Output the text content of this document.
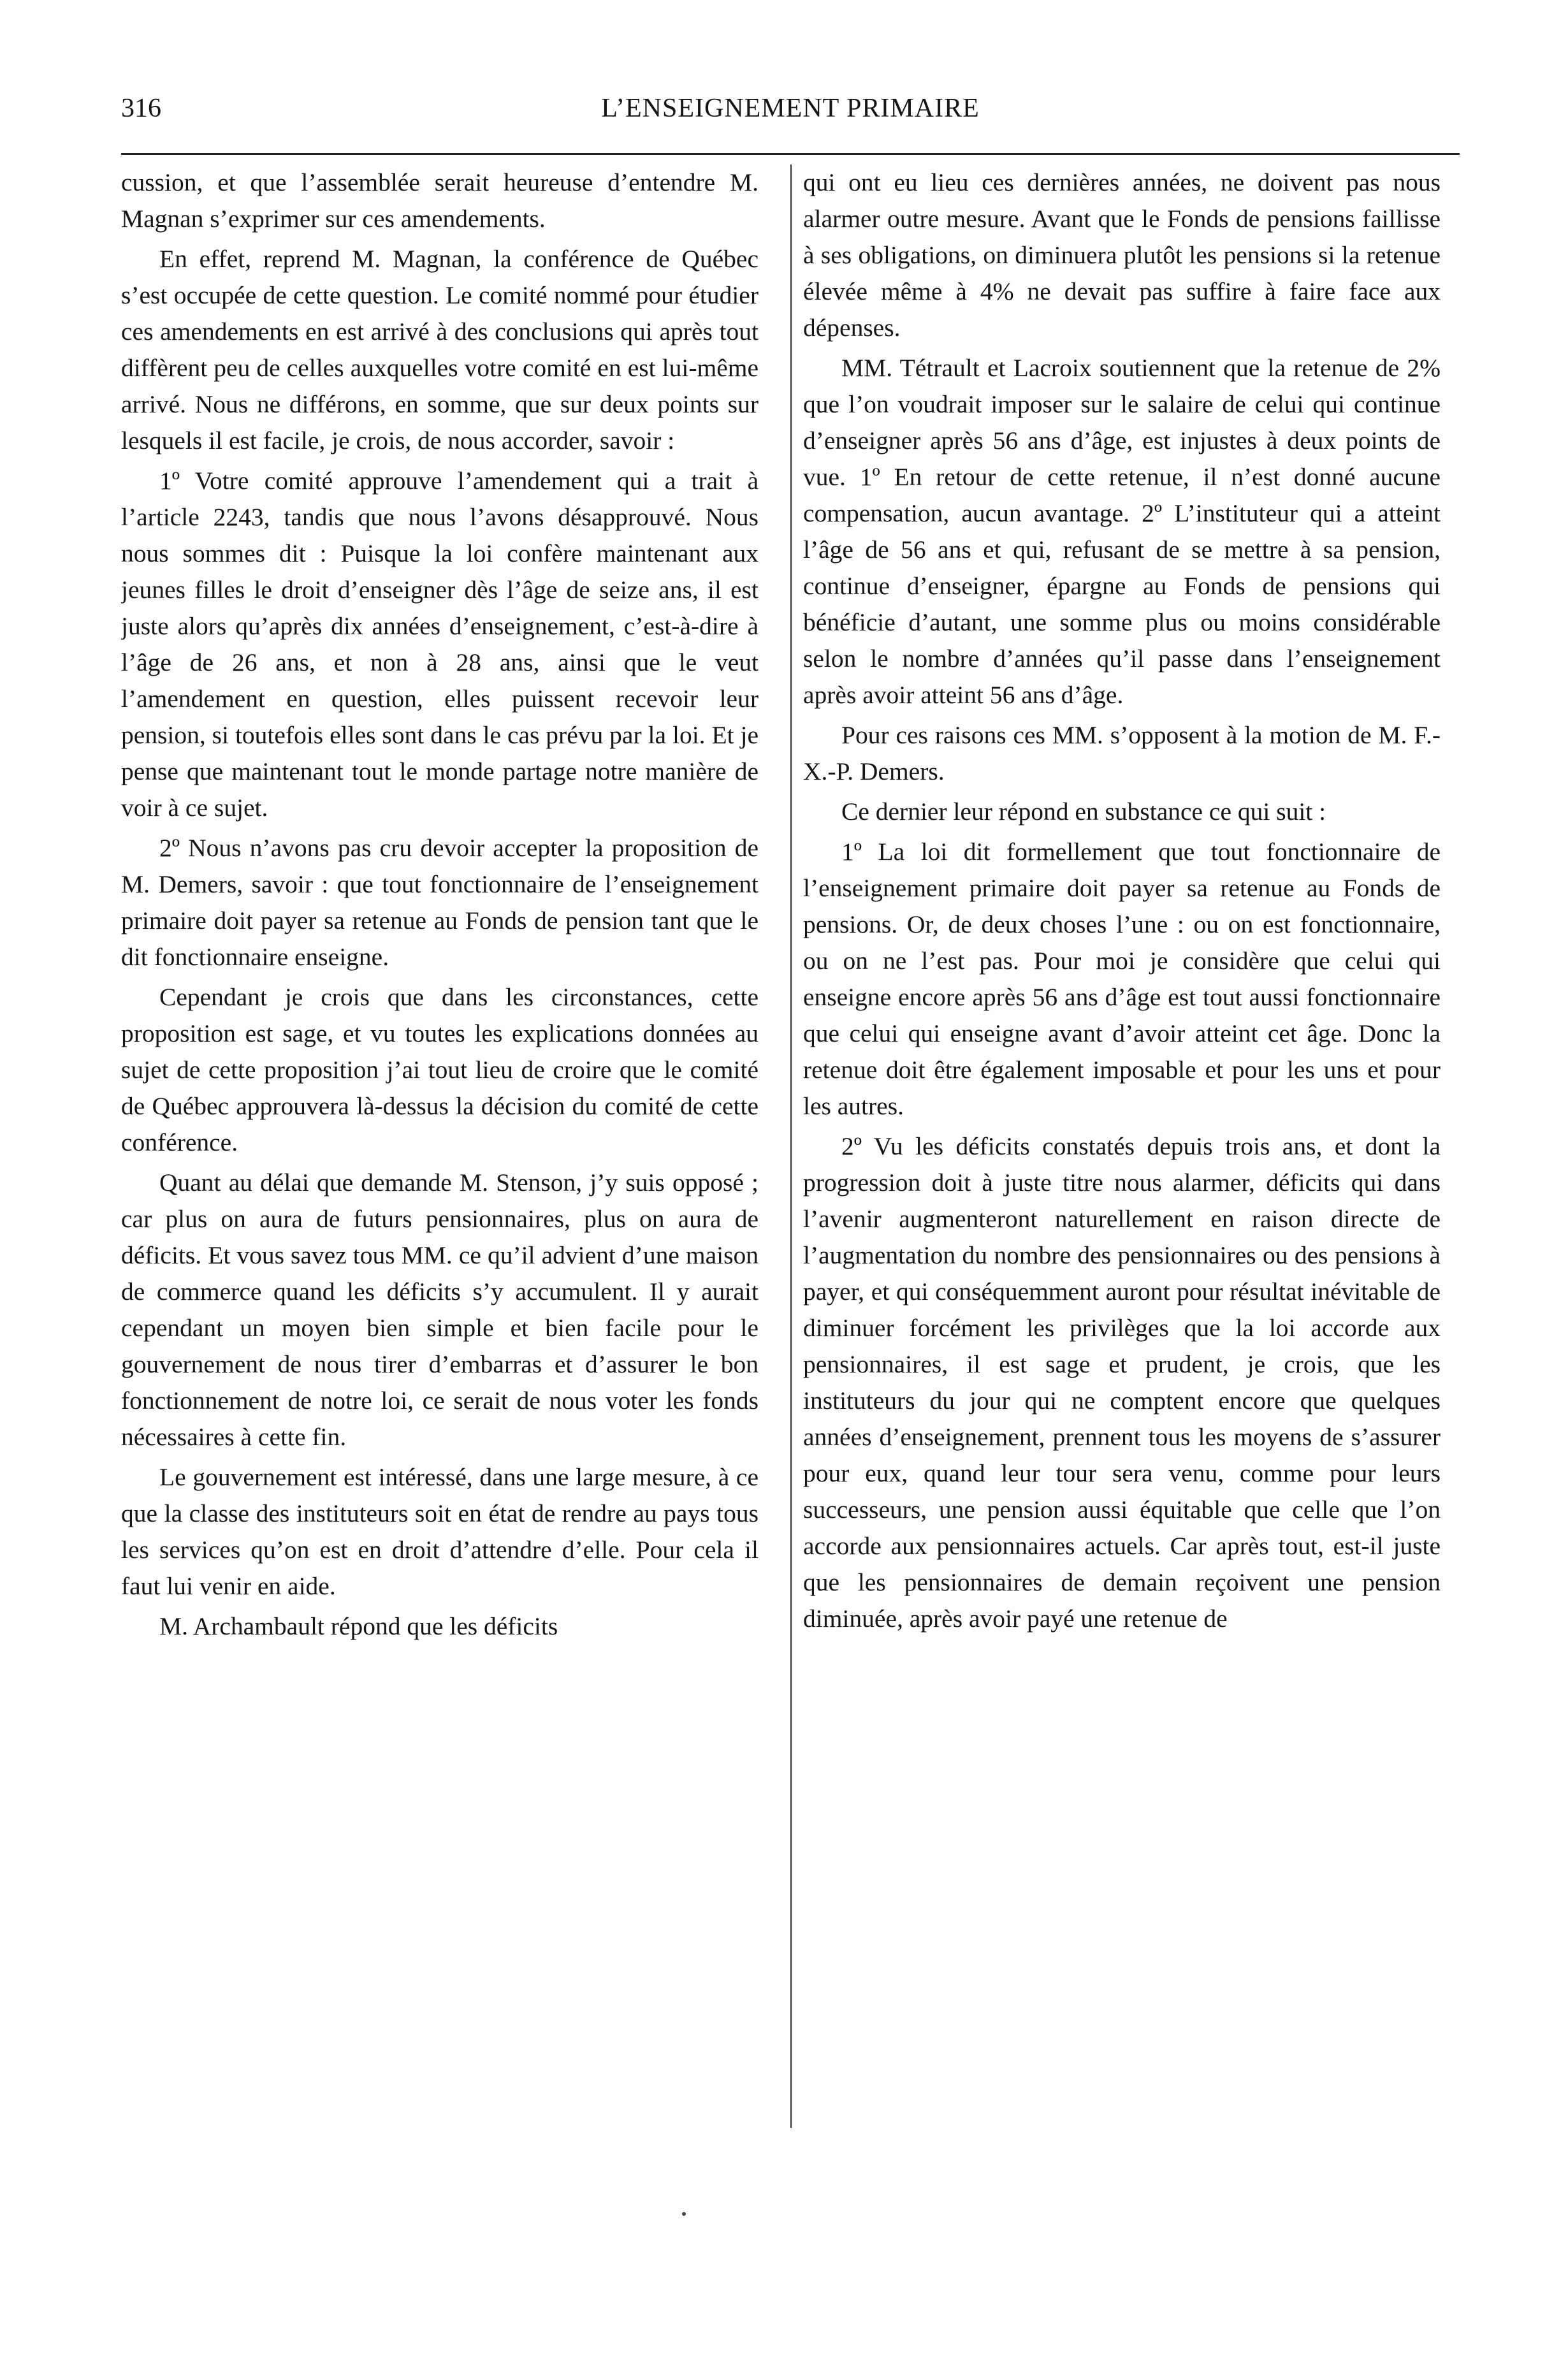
316	L’ENSEIGNEMENT PRIMAIRE

cussion, et que l’assemblée serait heureuse d’entendre M. Magnan s’exprimer sur ces amendements.

En effet, reprend M. Magnan, la conférence de Québec s’est occupée de cette question. Le comité nommé pour étudier ces amendements en est arrivé à des conclusions qui après tout diffèrent peu de celles auxquelles votre comité en est lui-même arrivé. Nous ne différons, en somme, que sur deux points sur lesquels il est facile, je crois, de nous accorder, savoir :

1º Votre comité approuve l’amendement qui a trait à l’article 2243, tandis que nous l’avons désapprouvé. Nous nous sommes dit : Puisque la loi confère maintenant aux jeunes filles le droit d’enseigner dès l’âge de seize ans, il est juste alors qu’après dix années d’enseignement, c’est-à-dire à l’âge de 26 ans, et non à 28 ans, ainsi que le veut l’amendement en question, elles puissent recevoir leur pension, si toutefois elles sont dans le cas prévu par la loi. Et je pense que maintenant tout le monde partage notre manière de voir à ce sujet.

2º Nous n’avons pas cru devoir accepter la proposition de M. Demers, savoir : que tout fonctionnaire de l’enseignement primaire doit payer sa retenue au Fonds de pension tant que le dit fonctionnaire enseigne.

Cependant je crois que dans les circonstances, cette proposition est sage, et vu toutes les explications données au sujet de cette proposition j’ai tout lieu de croire que le comité de Québec approuvera là-dessus la décision du comité de cette conférence.

Quant au délai que demande M. Stenson, j’y suis opposé ; car plus on aura de futurs pensionnaires, plus on aura de déficits. Et vous savez tous MM. ce qu’il advient d’une maison de commerce quand les déficits s’y accumulent. Il y aurait cependant un moyen bien simple et bien facile pour le gouvernement de nous tirer d’embarras et d’assurer le bon fonctionnement de notre loi, ce serait de nous voter les fonds nécessaires à cette fin.

Le gouvernement est intéressé, dans une large mesure, à ce que la classe des instituteurs soit en état de rendre au pays tous les services qu’on est en droit d’attendre d’elle. Pour cela il faut lui venir en aide.

M. Archambault répond que les déficits

qui ont eu lieu ces dernières années, ne doivent pas nous alarmer outre mesure. Avant que le Fonds de pensions faillisse à ses obligations, on diminuera plutôt les pensions si la retenue élevée même à 4% ne devait pas suffire à faire face aux dépenses.

MM. Tétrault et Lacroix soutiennent que la retenue de 2% que l’on voudrait imposer sur le salaire de celui qui continue d’enseigner après 56 ans d’âge, est injustes à deux points de vue. 1º En retour de cette retenue, il n’est donné aucune compensation, aucun avantage. 2º L’instituteur qui a atteint l’âge de 56 ans et qui, refusant de se mettre à sa pension, continue d’enseigner, épargne au Fonds de pensions qui bénéficie d’autant, une somme plus ou moins considérable selon le nombre d’années qu’il passe dans l’enseignement après avoir atteint 56 ans d’âge.

Pour ces raisons ces MM. s’opposent à la motion de M. F.-X.-P. Demers.

Ce dernier leur répond en substance ce qui suit :

1º La loi dit formellement que tout fonctionnaire de l’enseignement primaire doit payer sa retenue au Fonds de pensions. Or, de deux choses l’une : ou on est fonctionnaire, ou on ne l’est pas. Pour moi je considère que celui qui enseigne encore après 56 ans d’âge est tout aussi fonctionnaire que celui qui enseigne avant d’avoir atteint cet âge. Donc la retenue doit être également imposable et pour les uns et pour les autres.

2º Vu les déficits constatés depuis trois ans, et dont la progression doit à juste titre nous alarmer, déficits qui dans l’avenir augmenteront naturellement en raison directe de l’augmentation du nombre des pensionnaires ou des pensions à payer, et qui conséquemment auront pour résultat inévitable de diminuer forcément les privilèges que la loi accorde aux pensionnaires, il est sage et prudent, je crois, que les instituteurs du jour qui ne comptent encore que quelques années d’enseignement, prennent tous les moyens de s’assurer pour eux, quand leur tour sera venu, comme pour leurs successeurs, une pension aussi équitable que celle que l’on accorde aux pensionnaires actuels. Car après tout, est-il juste que les pensionnaires de demain reçoivent une pension diminuée, après avoir payé une retenue de
